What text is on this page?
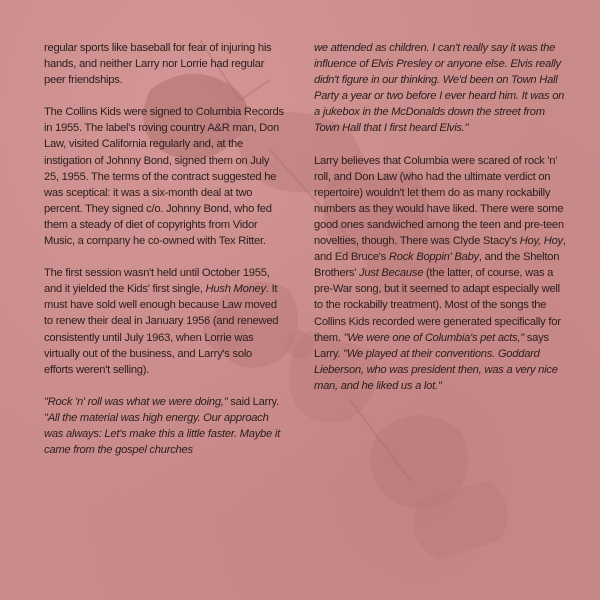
regular sports like baseball for fear of injuring his hands, and neither Larry nor Lorrie had regular peer friendships.

The Collins Kids were signed to Columbia Records in 1955. The label's roving country A&R man, Don Law, visited California regularly and, at the instigation of Johnny Bond, signed them on July 25, 1955. The terms of the contract suggested he was sceptical: it was a six-month deal at two percent. They signed c/o. Johnny Bond, who fed them a steady of diet of copyrights from Vidor Music, a company he co-owned with Tex Ritter.

The first session wasn't held until October 1955, and it yielded the Kids' first single, Hush Money. It must have sold well enough because Law moved to renew their deal in January 1956 (and renewed consistently until July 1963, when Lorrie was virtually out of the business, and Larry's solo efforts weren't selling).

"Rock 'n' roll was what we were doing," said Larry. "All the material was high energy. Our approach was always: Let's make this a little faster. Maybe it came from the gospel churches

we attended as children. I can't really say it was the influence of Elvis Presley or anyone else. Elvis really didn't figure in our thinking. We'd been on Town Hall Party a year or two before I ever heard him. It was on a jukebox in the McDonalds down the street from Town Hall that I first heard Elvis."

Larry believes that Columbia were scared of rock 'n' roll, and Don Law (who had the ultimate verdict on repertoire) wouldn't let them do as many rockabilly numbers as they would have liked. There were some good ones sandwiched among the teen and pre-teen novelties, though. There was Clyde Stacy's Hoy, Hoy, and Ed Bruce's Rock Boppin' Baby, and the Shelton Brothers' Just Because (the latter, of course, was a pre-War song, but it seemed to adapt especially well to the rockabilly treatment). Most of the songs the Collins Kids recorded were generated specifically for them. "We were one of Columbia's pet acts," says Larry. "We played at their conventions. Goddard Lieberson, who was president then, was a very nice man, and he liked us a lot."
